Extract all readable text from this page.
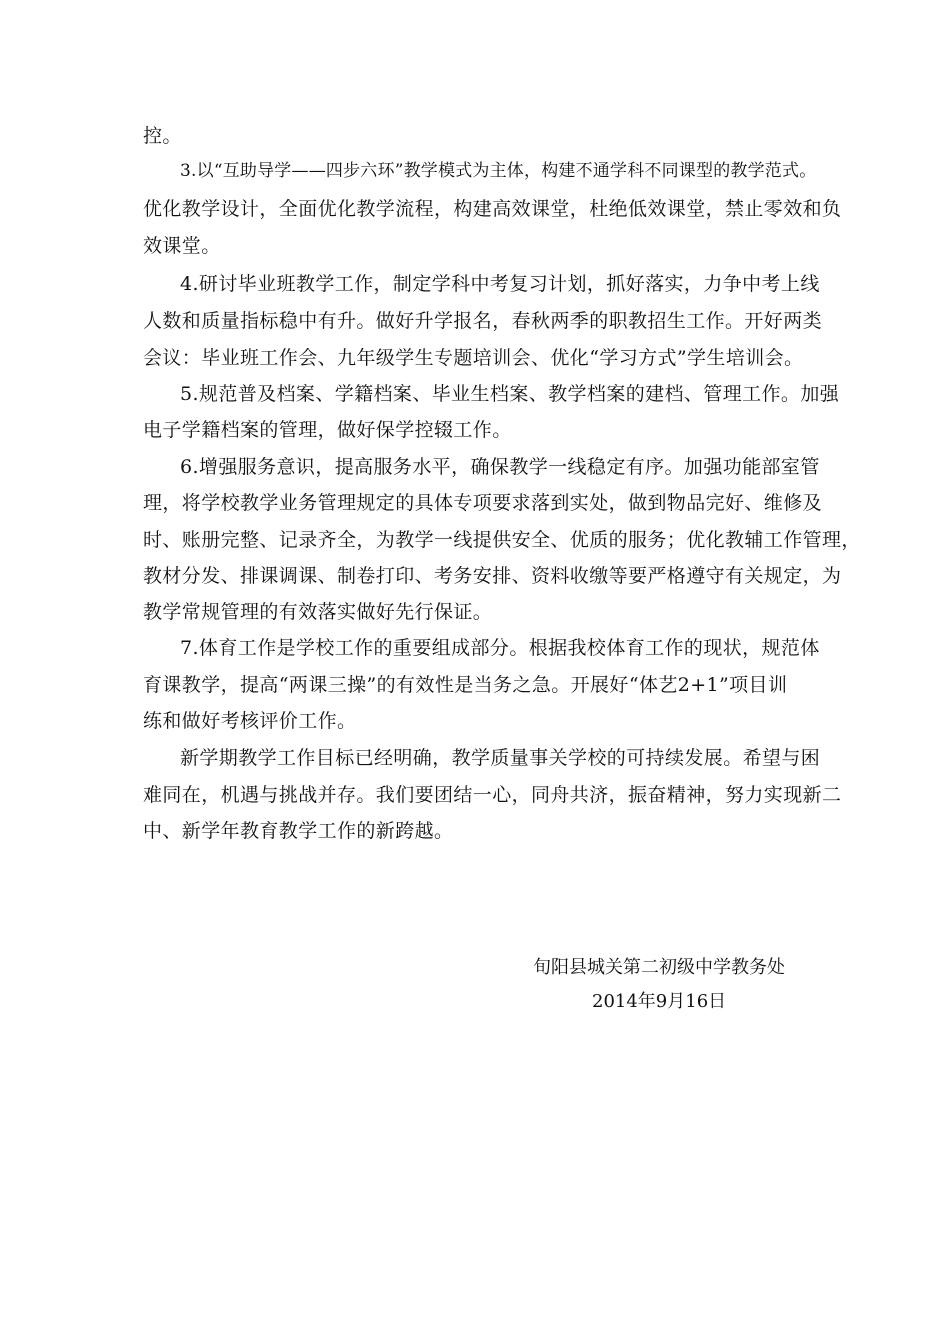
控。
3.以“互助导学——四步六环”教学模式为主体，构建不通学科不同课型的教学范式。
优化教学设计，全面优化教学流程，构建高效课堂，杜绝低效课堂，禁止零效和负
效课堂。
4.研讨毕业班教学工作，制定学科中考复习计划，抓好落实，力争中考上线
人数和质量指标稳中有升。做好升学报名，春秋两季的职教招生工作。开好两类
会议：毕业班工作会、九年级学生专题培训会、优化“学习方式”学生培训会。
5.规范普及档案、学籍档案、毕业生档案、教学档案的建档、管理工作。加强
电子学籍档案的管理，做好保学控辍工作。
6.增强服务意识，提高服务水平，确保教学一线稳定有序。加强功能部室管
理，将学校教学业务管理规定的具体专项要求落到实处，做到物品完好、维修及
时、账册完整、记录齐全，为教学一线提供安全、优质的服务；优化教辅工作管理，
教材分发、排课调课、制卷打印、考务安排、资料收缴等要严格遵守有关规定，为
教学常规管理的有效落实做好先行保证。
7.体育工作是学校工作的重要组成部分。根据我校体育工作的现状，规范体
育课教学，提高“两课三操”的有效性是当务之急。开展好“体艺2+1”项目训
练和做好考核评价工作。
新学期教学工作目标已经明确，教学质量事关学校的可持续发展。希望与困
难同在，机遇与挑战并存。我们要团结一心，同舟共济，振奋精神，努力实现新二
中、新学年教育教学工作的新跨越。
旬阳县城关第二初级中学教务处
2014年9月16日
